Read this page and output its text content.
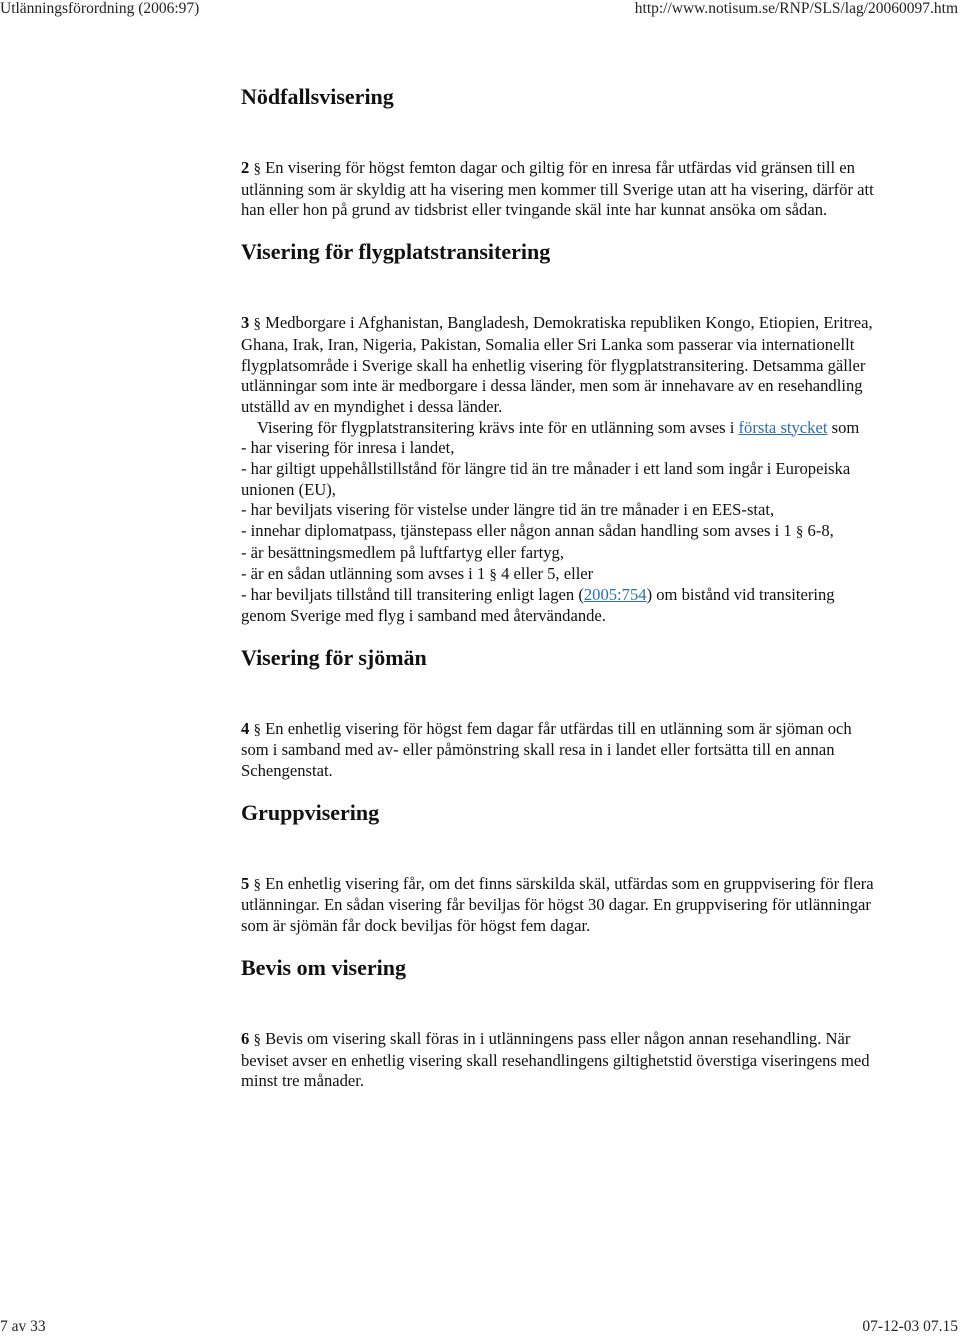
Utlänningsförordning (2006:97)	http://www.notisum.se/RNP/SLS/lag/20060097.htm
Nödfallsvisering

2 § En visering för högst femton dagar och giltig för en inresa får utfärdas vid gränsen till en utlänning som är skyldig att ha visering men kommer till Sverige utan att ha visering, därför att han eller hon på grund av tidsbrist eller tvingande skäl inte har kunnat ansöka om sådan.

Visering för flygplatstransitering

3 § Medborgare i Afghanistan, Bangladesh, Demokratiska republiken Kongo, Etiopien, Eritrea, Ghana, Irak, Iran, Nigeria, Pakistan, Somalia eller Sri Lanka som passerar via internationellt flygplatsområde i Sverige skall ha enhetlig visering för flygplatstransitering. Detsamma gäller utlänningar som inte är medborgare i dessa länder, men som är innehavare av en resehandling utställd av en myndighet i dessa länder.

Visering för flygplatstransitering krävs inte för en utlänning som avses i första stycket som

- har visering för inresa i landet,

- har giltigt uppehållstillstånd för längre tid än tre månader i ett land som ingår i Europeiska unionen (EU),

- har beviljats visering för vistelse under längre tid än tre månader i en EES-stat,

- innehar diplomatpass, tjänstepass eller någon annan sådan handling som avses i 1 § 6-8,

- är besättningsmedlem på luftfartyg eller fartyg,

- är en sådan utlänning som avses i 1 § 4 eller 5, eller

- har beviljats tillstånd till transitering enligt lagen (2005:754) om bistånd vid transitering genom Sverige med flyg i samband med återvändande.

Visering för sjömän

4 § En enhetlig visering för högst fem dagar får utfärdas till en utlänning som är sjöman och som i samband med av- eller påmönstring skall resa in i landet eller fortsätta till en annan Schengenstat.

Gruppvisering

5 § En enhetlig visering får, om det finns särskilda skäl, utfärdas som en gruppvisering för flera utlänningar. En sådan visering får beviljas för högst 30 dagar. En gruppvisering för utlänningar som är sjömän får dock beviljas för högst fem dagar.

Bevis om visering

6 § Bevis om visering skall föras in i utlänningens pass eller någon annan resehandling. När beviset avser en enhetlig visering skall resehandlingens giltighetstid överstiga viseringens med minst tre månader.

7 av 33	07-12-03 07.15
